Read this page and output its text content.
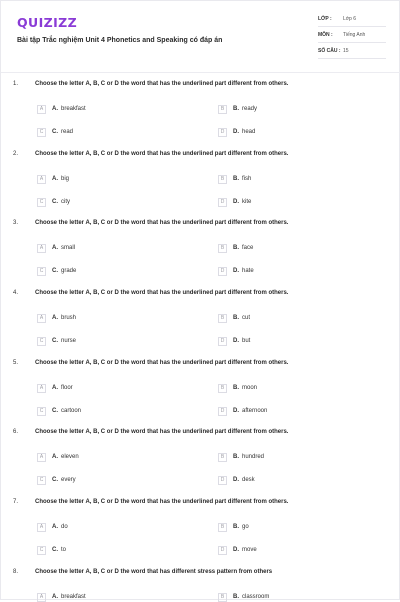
QUIZIZZ
Bài tập Trắc nghiệm Unit 4 Phonetics and Speaking có đáp án
LỚP :	Lớp 6
MÔN :	Tiếng Anh
SỐ CÂU : 15
1.	Choose the letter A, B, C or D the word that has the underlined part different from others.
A	A. breakfast	B	B. ready
C	C. read	D	D. head
2.	Choose the letter A, B, C or D the word that has the underlined part different from others.
A	A. big	B	B. fish
C	C. city	D	D. kite
3.	Choose the letter A, B, C or D the word that has the underlined part different from others.
A	A. small	B	B. face
C	C. grade	D	D. hate
4.	Choose the letter A, B, C or D the word that has the underlined part different from others.
A	A. brush	B	B. cut
C	C. nurse	D	D. but
5.	Choose the letter A, B, C or D the word that has the underlined part different from others.
A	A. floor	B	B. moon
C	C. cartoon	D	D. afternoon
6.	Choose the letter A, B, C or D the word that has the underlined part different from others.
A	A. eleven	B	B. hundred
C	C. every	D	D. desk
7.	Choose the letter A, B, C or D the word that has the underlined part different from others.
A	A. do	B	B. go
C	C. to	D	D. move
8.	Choose the letter A, B, C or D the word that has different stress pattern from others
A	A. breakfast	B	B. classroom
